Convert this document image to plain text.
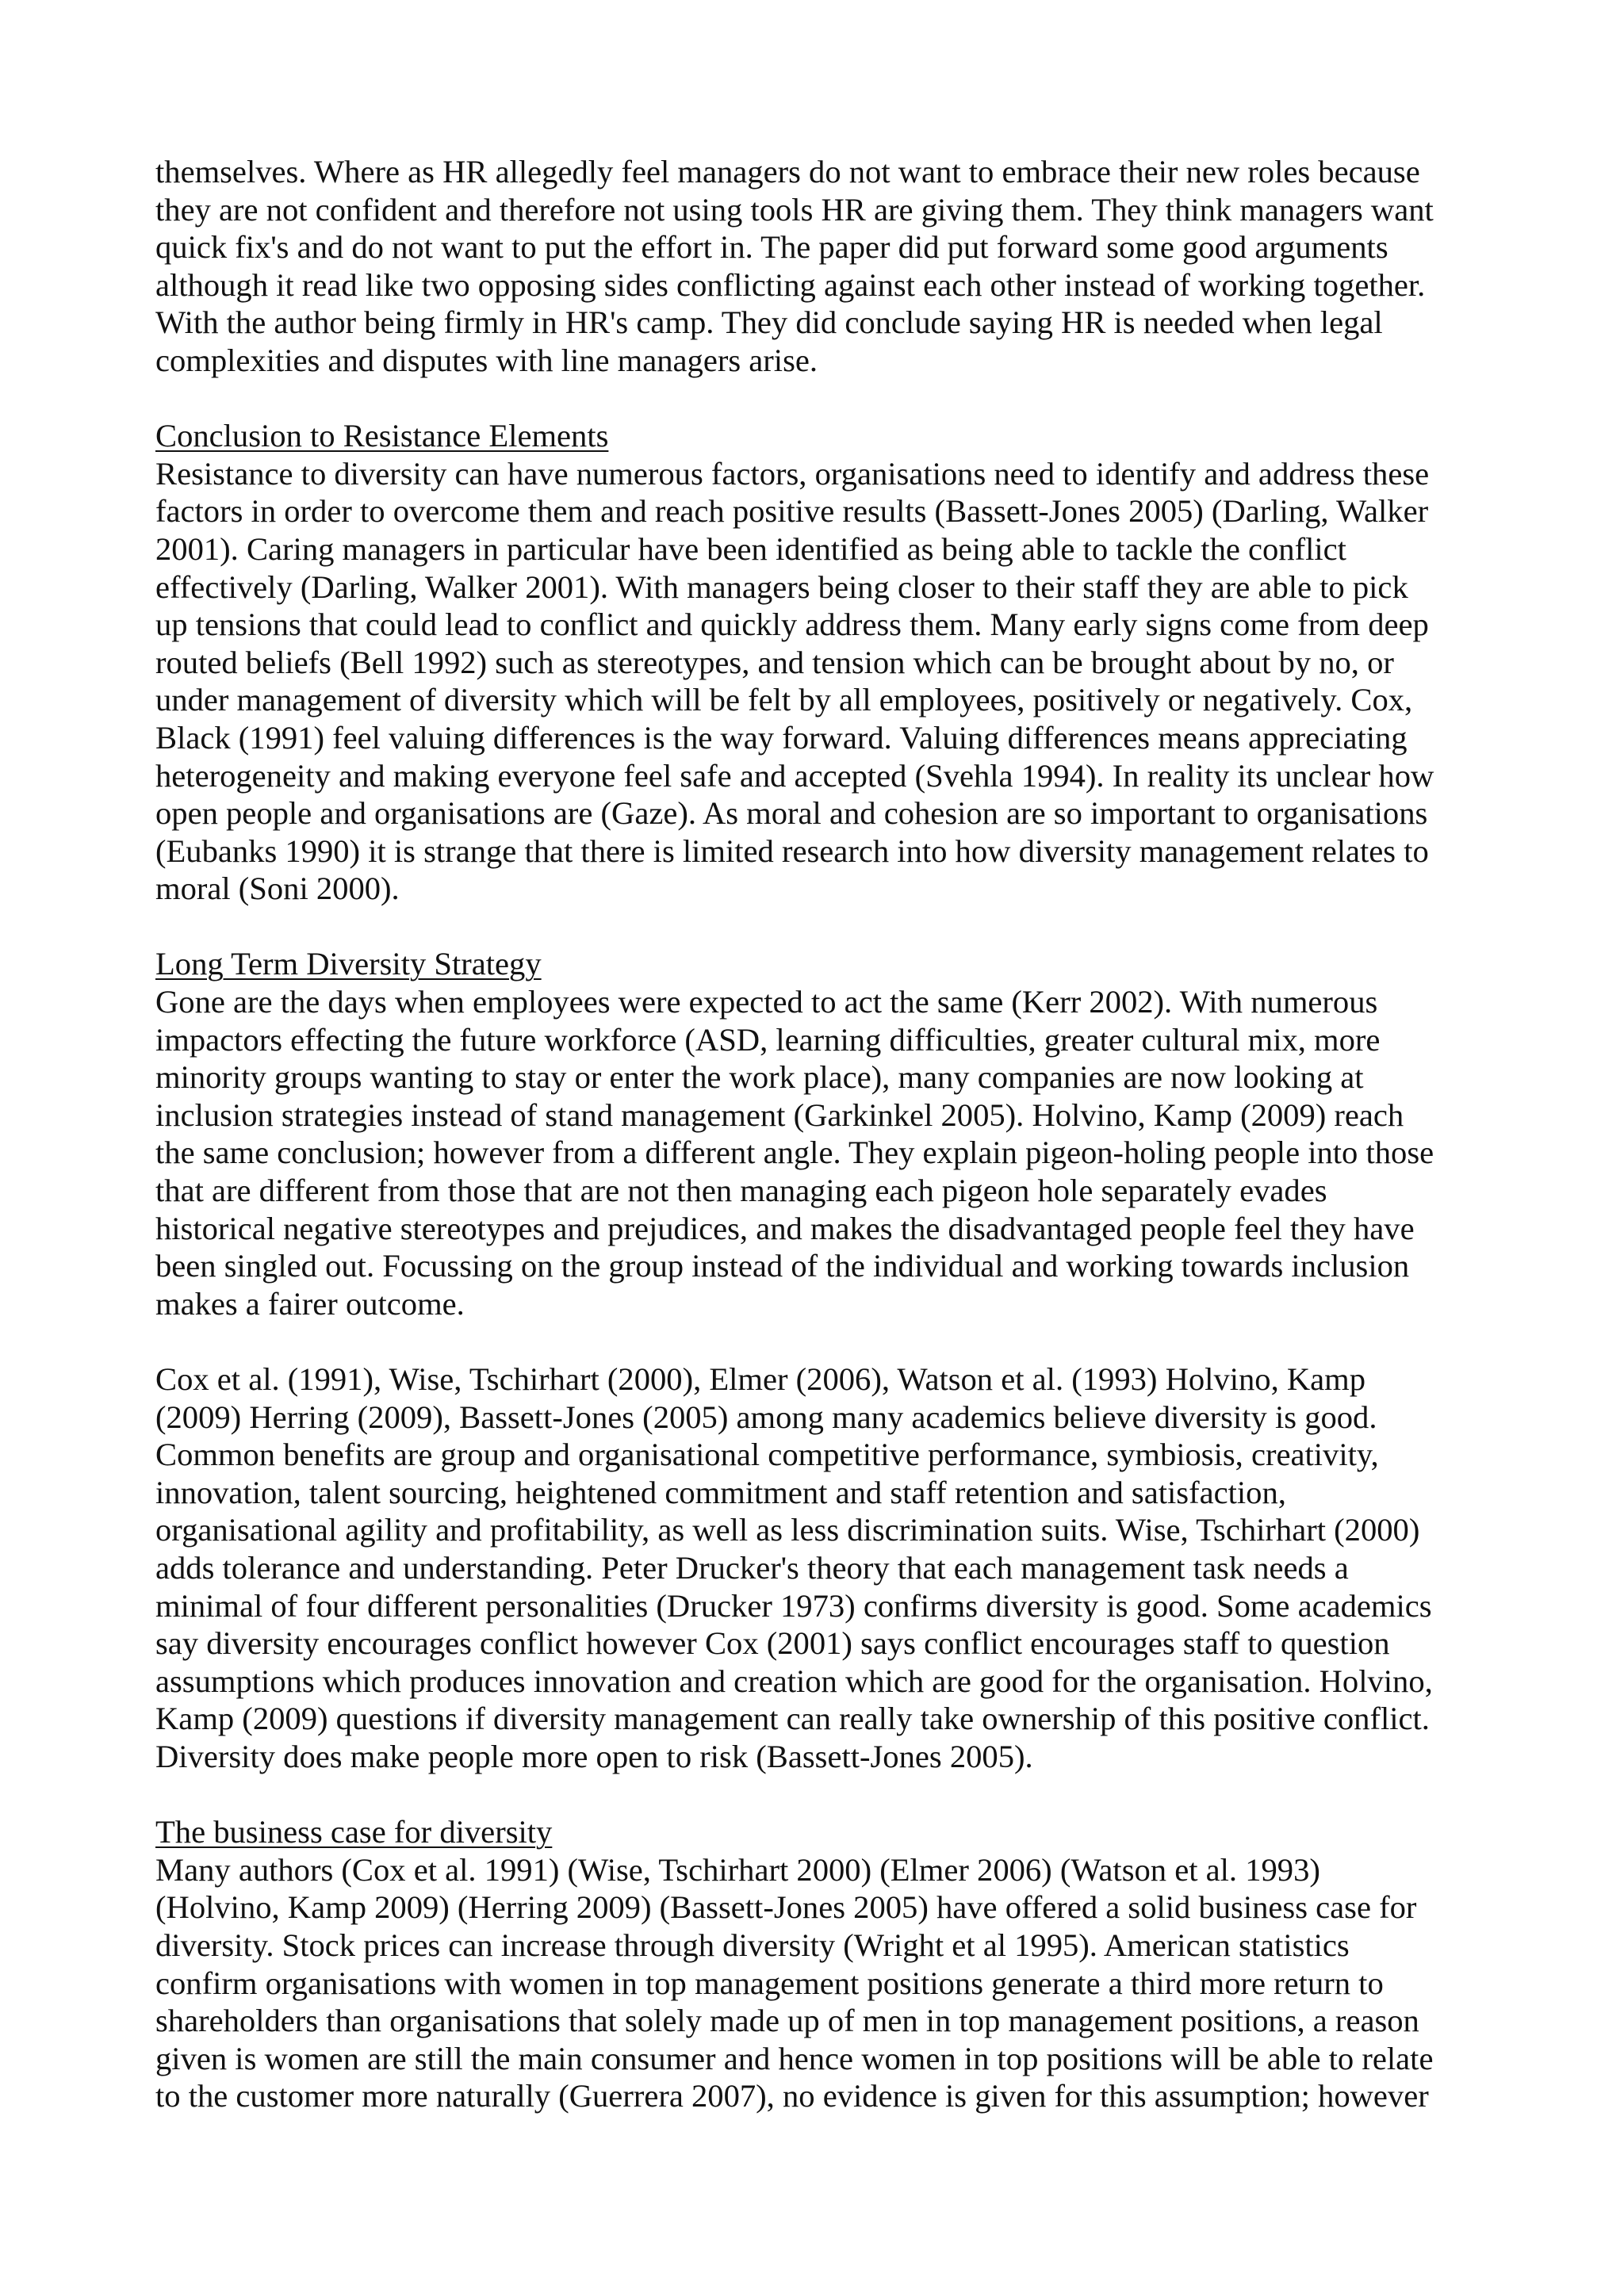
themselves. Where as HR allegedly feel managers do not want to embrace their new roles because
they are not confident and therefore not using tools HR are giving them. They think managers want
quick fix's and do not want to put the effort in. The paper did put forward some good arguments
although it read like two opposing sides conflicting against each other instead of working together.
With the author being firmly in HR's camp. They did conclude saying HR is needed when legal
complexities and disputes with line managers arise.
Conclusion to Resistance Elements
Resistance to diversity can have numerous factors, organisations need to identify and address these
factors in order to overcome them and reach positive results (Bassett-Jones 2005) (Darling, Walker
2001). Caring managers in particular have been identified as being able to tackle the conflict
effectively (Darling, Walker 2001). With managers being closer to their staff they are able to pick
up tensions that could lead to conflict and quickly address them. Many early signs come from deep
routed beliefs (Bell 1992) such as stereotypes, and tension which can be brought about by no, or
under management of diversity which will be felt by all employees, positively or negatively. Cox,
Black (1991) feel valuing differences is the way forward. Valuing differences means appreciating
heterogeneity and making everyone feel safe and accepted (Svehla 1994). In reality its unclear how
open people and organisations are (Gaze). As moral and cohesion are so important to organisations
(Eubanks 1990) it is strange that there is limited research into how diversity management relates to
moral (Soni 2000).
Long Term Diversity Strategy
Gone are the days when employees were expected to act the same (Kerr 2002). With numerous
impactors effecting the future workforce (ASD, learning difficulties, greater cultural mix, more
minority groups wanting to stay or enter the work place), many companies are now looking at
inclusion strategies instead of stand management (Garkinkel 2005). Holvino, Kamp (2009) reach
the same conclusion; however from a different angle. They explain pigeon-holing people into those
that are different from those that are not then managing each pigeon hole separately evades
historical negative stereotypes and prejudices, and makes the disadvantaged people feel they have
been singled out. Focussing on the group instead of the individual and working towards inclusion
makes a fairer outcome.
Cox et al. (1991), Wise, Tschirhart (2000), Elmer (2006), Watson et al. (1993) Holvino, Kamp
(2009) Herring (2009), Bassett-Jones (2005) among many academics believe diversity is good.
Common benefits are group and organisational competitive performance, symbiosis, creativity,
innovation, talent sourcing, heightened commitment and staff retention and satisfaction,
organisational agility and profitability, as well as less discrimination suits. Wise, Tschirhart (2000)
adds tolerance and understanding. Peter Drucker's theory that each management task needs a
minimal of four different personalities (Drucker 1973) confirms diversity is good. Some academics
say diversity encourages conflict however Cox (2001) says conflict encourages staff to question
assumptions which produces innovation and creation which are good for the organisation. Holvino,
Kamp (2009) questions if diversity management can really take ownership of this positive conflict.
Diversity does make people more open to risk (Bassett-Jones 2005).
The business case for diversity
Many authors (Cox et al. 1991) (Wise, Tschirhart 2000) (Elmer 2006) (Watson et al. 1993)
(Holvino, Kamp 2009) (Herring 2009) (Bassett-Jones 2005) have offered a solid business case for
diversity. Stock prices can increase through diversity (Wright et al 1995). American statistics
confirm organisations with women in top management positions generate a third more return to
shareholders than organisations that solely made up of men in top management positions, a reason
given is women are still the main consumer and hence women in top positions will be able to relate
to the customer more naturally (Guerrera 2007), no evidence is given for this assumption; however
